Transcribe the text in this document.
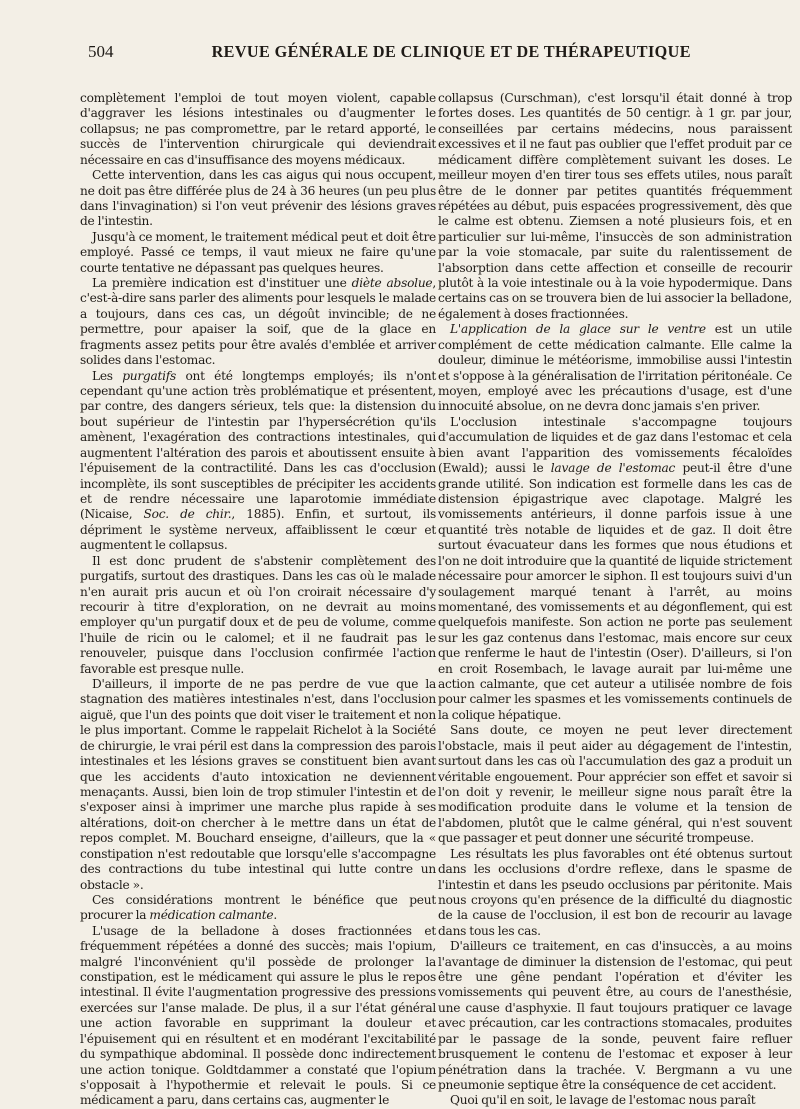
504	REVUE GÉNÉRALE DE CLINIQUE ET DE THÉRAPEUTIQUE

complètement l'emploi de tout moyen violent, capable d'aggraver les lésions intestinales ou d'augmenter le collapsus; ne pas compromettre, par le retard apporté, le succès de l'intervention chirurgicale qui deviendrait nécessaire en cas d'insuffisance des moyens médicaux.

Cette intervention, dans les cas aigus qui nous occupent, ne doit pas être différée plus de 24 à 36 heures (un peu plus dans l'invagination) si l'on veut prévenir des lésions graves de l'intestin.

Jusqu'à ce moment, le traitement médical peut et doit être employé. Passé ce temps, il vaut mieux ne faire qu'une courte tentative ne dépassant pas quelques heures.

La première indication est d'instituer une diète absolue, c'est-à-dire sans parler des aliments pour lesquels le malade a toujours, dans ces cas, un dégoût invincible; de ne permettre, pour apaiser la soif, que de la glace en fragments assez petits pour être avalés d'emblée et arriver solides dans l'estomac.

Les purgatifs ont été longtemps employés; ils n'ont cependant qu'une action très problématique et présentent, par contre, des dangers sérieux, tels que: la distension du bout supérieur de l'intestin par l'hypersécrétion qu'ils amènent, l'exagération des contractions intestinales, qui augmentent l'altération des parois et aboutissent ensuite à l'épuisement de la contractilité. Dans les cas d'occlusion incomplète, ils sont susceptibles de précipiter les accidents et de rendre nécessaire une laparotomie immédiate (Nicaise, Soc. de chir., 1885). Enfin, et surtout, ils dépriment le système nerveux, affaiblissent le cœur et augmentent le collapsus.

Il est donc prudent de s'abstenir complètement des purgatifs, surtout des drastiques. Dans les cas où le malade n'en aurait pris aucun et où l'on croirait nécessaire d'y recourir à titre d'exploration, on ne devrait au moins employer qu'un purgatif doux et de peu de volume, comme l'huile de ricin ou le calomel; et il ne faudrait pas le renouveler, puisque dans l'occlusion confirmée l'action favorable est presque nulle.

D'ailleurs, il importe de ne pas perdre de vue que la stagnation des matières intestinales n'est, dans l'occlusion aiguë, que l'un des points que doit viser le traitement et non le plus important. Comme le rappelait Richelot à la Société de chirurgie, le vrai péril est dans la compression des parois intestinales et les lésions graves se constituent bien avant que les accidents d'auto intoxication ne deviennent menaçants. Aussi, bien loin de trop stimuler l'intestin et de s'exposer ainsi à imprimer une marche plus rapide à ses altérations, doit-on chercher à le mettre dans un état de repos complet. M. Bouchard enseigne, d'ailleurs, que la « constipation n'est redoutable que lorsqu'elle s'accompagne des contractions du tube intestinal qui lutte contre un obstacle ».

Ces considérations montrent le bénéfice que peut procurer la médication calmante.

L'usage de la belladone à doses fractionnées et fréquemment répétées a donné des succès; mais l'opium, malgré l'inconvénient qu'il possède de prolonger la constipation, est le médicament qui assure le plus le repos intestinal. Il évite l'augmentation progressive des pressions exercées sur l'anse malade. De plus, il a sur l'état général une action favorable en supprimant la douleur et l'épuisement qui en résultent et en modérant l'excitabilité du sympathique abdominal. Il possède donc indirectement une action tonique. Goldtdammer a constaté que l'opium s'opposait à l'hypothermie et relevait le pouls. Si ce médicament a paru, dans certains cas, augmenter le

collapsus (Curschman), c'est lorsqu'il était donné à trop fortes doses. Les quantités de 50 centigr. à 1 gr. par jour, conseillées par certains médecins, nous paraissent excessives et il ne faut pas oublier que l'effet produit par ce médicament diffère complètement suivant les doses. Le meilleur moyen d'en tirer tous ses effets utiles, nous paraît être de le donner par petites quantités fréquemment répétées au début, puis espacées progressivement, dès que le calme est obtenu. Ziemsen a noté plusieurs fois, et en particulier sur lui-même, l'insuccès de son administration par la voie stomacale, par suite du ralentissement de l'absorption dans cette affection et conseille de recourir plutôt à la voie intestinale ou à la voie hypodermique. Dans certains cas on se trouvera bien de lui associer la belladone, également à doses fractionnées.

L'application de la glace sur le ventre est un utile complément de cette médication calmante. Elle calme la douleur, diminue le météorisme, immobilise aussi l'intestin et s'oppose à la généralisation de l'irritation péritonéale. Ce moyen, employé avec les précautions d'usage, est d'une innocuité absolue, on ne devra donc jamais s'en priver.

L'occlusion intestinale s'accompagne toujours d'accumulation de liquides et de gaz dans l'estomac et cela bien avant l'apparition des vomissements fécaloïdes (Ewald); aussi le lavage de l'estomac peut-il être d'une grande utilité. Son indication est formelle dans les cas de distension épigastrique avec clapotage. Malgré les vomissements antérieurs, il donne parfois issue à une quantité très notable de liquides et de gaz. Il doit être surtout évacuateur dans les formes que nous étudions et l'on ne doit introduire que la quantité de liquide strictement nécessaire pour amorcer le siphon. Il est toujours suivi d'un soulagement marqué tenant à l'arrêt, au moins momentané, des vomissements et au dégonflement, qui est quelquefois manifeste. Son action ne porte pas seulement sur les gaz contenus dans l'estomac, mais encore sur ceux que renferme le haut de l'intestin (Oser). D'ailleurs, si l'on en croit Rosembach, le lavage aurait par lui-même une action calmante, que cet auteur a utilisée nombre de fois pour calmer les spasmes et les vomissements continuels de la colique hépatique.

Sans doute, ce moyen ne peut lever directement l'obstacle, mais il peut aider au dégagement de l'intestin, surtout dans les cas où l'accumulation des gaz a produit un véritable engouement. Pour apprécier son effet et savoir si l'on doit y revenir, le meilleur signe nous paraît être la modification produite dans le volume et la tension de l'abdomen, plutôt que le calme général, qui n'est souvent que passager et peut donner une sécurité trompeuse.

Les résultats les plus favorables ont été obtenus surtout dans les occlusions d'ordre reflexe, dans le spasme de l'intestin et dans les pseudo occlusions par péritonite. Mais nous croyons qu'en présence de la difficulté du diagnostic de la cause de l'occlusion, il est bon de recourir au lavage dans tous les cas.

D'ailleurs ce traitement, en cas d'insuccès, a au moins l'avantage de diminuer la distension de l'estomac, qui peut être une gêne pendant l'opération et d'éviter les vomissements qui peuvent être, au cours de l'anesthésie, une cause d'asphyxie. Il faut toujours pratiquer ce lavage avec précaution, car les contractions stomacales, produites par le passage de la sonde, peuvent faire refluer brusquement le contenu de l'estomac et exposer à leur pénétration dans la trachée. V. Bergmann a vu une pneumonie septique être la conséquence de cet accident.

Quoi qu'il en soit, le lavage de l'estomac nous paraît
